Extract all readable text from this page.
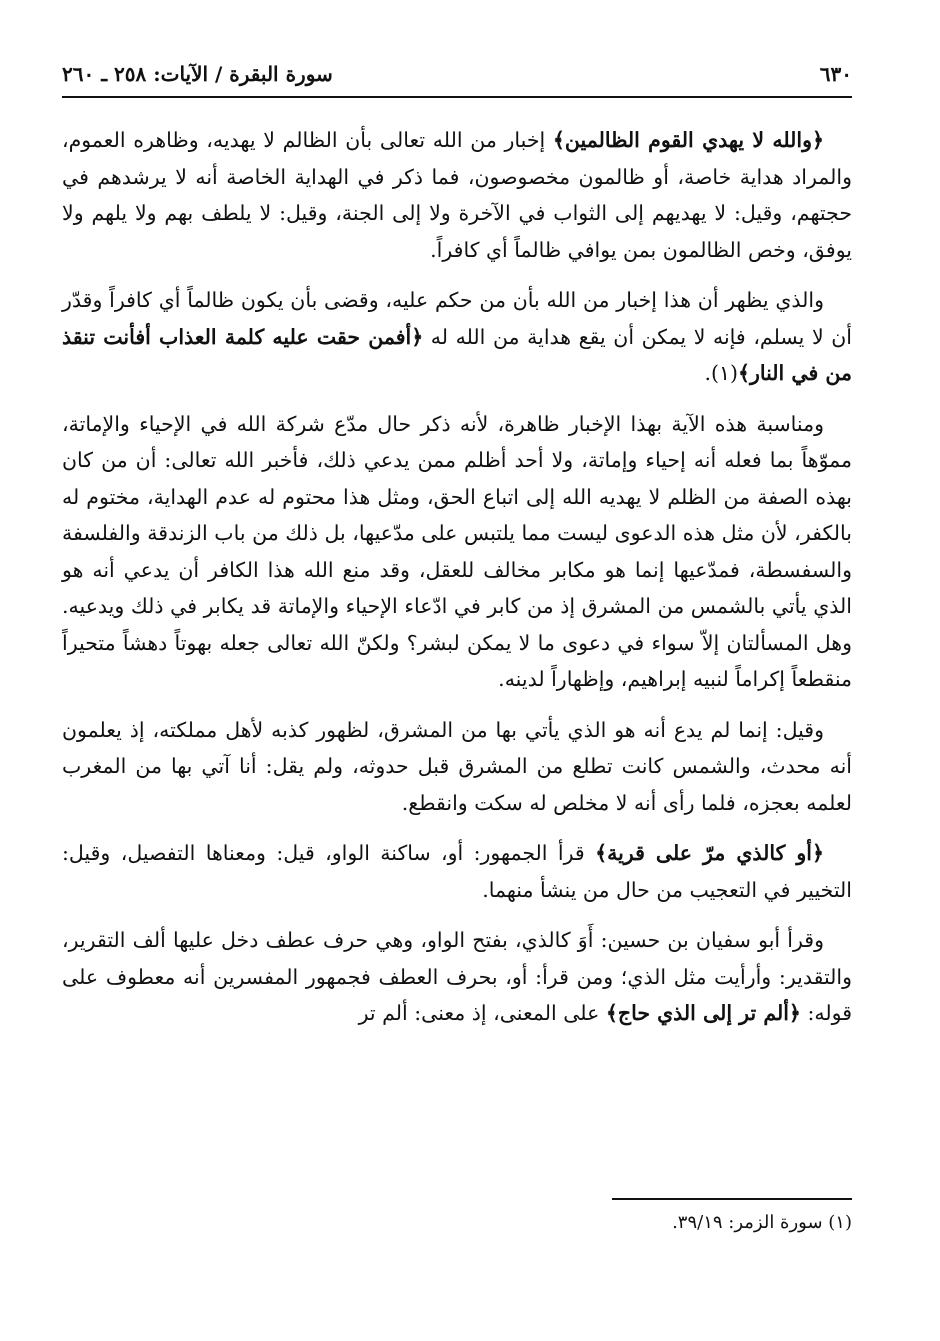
٦٣٠
سورة البقرة / الآيات: ٢٥٨ ـ ٢٦٠

﴿والله لا يهدي القوم الظالمين﴾ إخبار من الله تعالى بأن الظالم لا يهديه، وظاهره العموم، والمراد هداية خاصة، أو ظالمون مخصوصون، فما ذكر في الهداية الخاصة أنه لا يرشدهم في حجتهم، وقيل: لا يهديهم إلى الثواب في الآخرة ولا إلى الجنة، وقيل: لا يلطف بهم ولا يلهم ولا يوفق، وخص الظالمون بمن يوافي ظالماً أي كافراً.

والذي يظهر أن هذا إخبار من الله بأن من حكم عليه، وقضى بأن يكون ظالماً أي كافراً وقدّر أن لا يسلم، فإنه لا يمكن أن يقع هداية من الله له ﴿أفمن حقت عليه كلمة العذاب أفأنت تنقذ من في النار﴾(١).

ومناسبة هذه الآية بهذا الإخبار ظاهرة، لأنه ذكر حال مدّع شركة الله في الإحياء والإماتة، مموّهاً بما فعله أنه إحياء وإماتة، ولا أحد أظلم ممن يدعي ذلك، فأخبر الله تعالى: أن من كان بهذه الصفة من الظلم لا يهديه الله إلى اتباع الحق، ومثل هذا محتوم له عدم الهداية، مختوم له بالكفر، لأن مثل هذه الدعوى ليست مما يلتبس على مدّعيها، بل ذلك من باب الزندقة والفلسفة والسفسطة، فمدّعيها إنما هو مكابر مخالف للعقل، وقد منع الله هذا الكافر أن يدعي أنه هو الذي يأتي بالشمس من المشرق إذ من كابر في ادّعاء الإحياء والإماتة قد يكابر في ذلك ويدعيه. وهل المسألتان إلاّ سواء في دعوى ما لا يمكن لبشر؟ ولكنّ الله تعالى جعله بهوتاً دهشاً متحيراً منقطعاً إكراماً لنبيه إبراهيم، وإظهاراً لدينه.

وقيل: إنما لم يدع أنه هو الذي يأتي بها من المشرق، لظهور كذبه لأهل مملكته، إذ يعلمون أنه محدث، والشمس كانت تطلع من المشرق قبل حدوثه، ولم يقل: أنا آتي بها من المغرب لعلمه بعجزه، فلما رأى أنه لا مخلص له سكت وانقطع.

﴿أو كالذي مرّ على قرية﴾ قرأ الجمهور: أو، ساكنة الواو، قيل: ومعناها التفصيل، وقيل: التخيير في التعجيب من حال من ينشأ منهما.

وقرأ أبو سفيان بن حسين: أَوَ كالذي، بفتح الواو، وهي حرف عطف دخل عليها ألف التقرير، والتقدير: وأرأيت مثل الذي؛ ومن قرأ: أو، بحرف العطف فجمهور المفسرين أنه معطوف على قوله: ﴿ألم تر إلى الذي حاج﴾ على المعنى، إذ معنى: ألم تر

(١) سورة الزمر: ٣٩/١٩.
